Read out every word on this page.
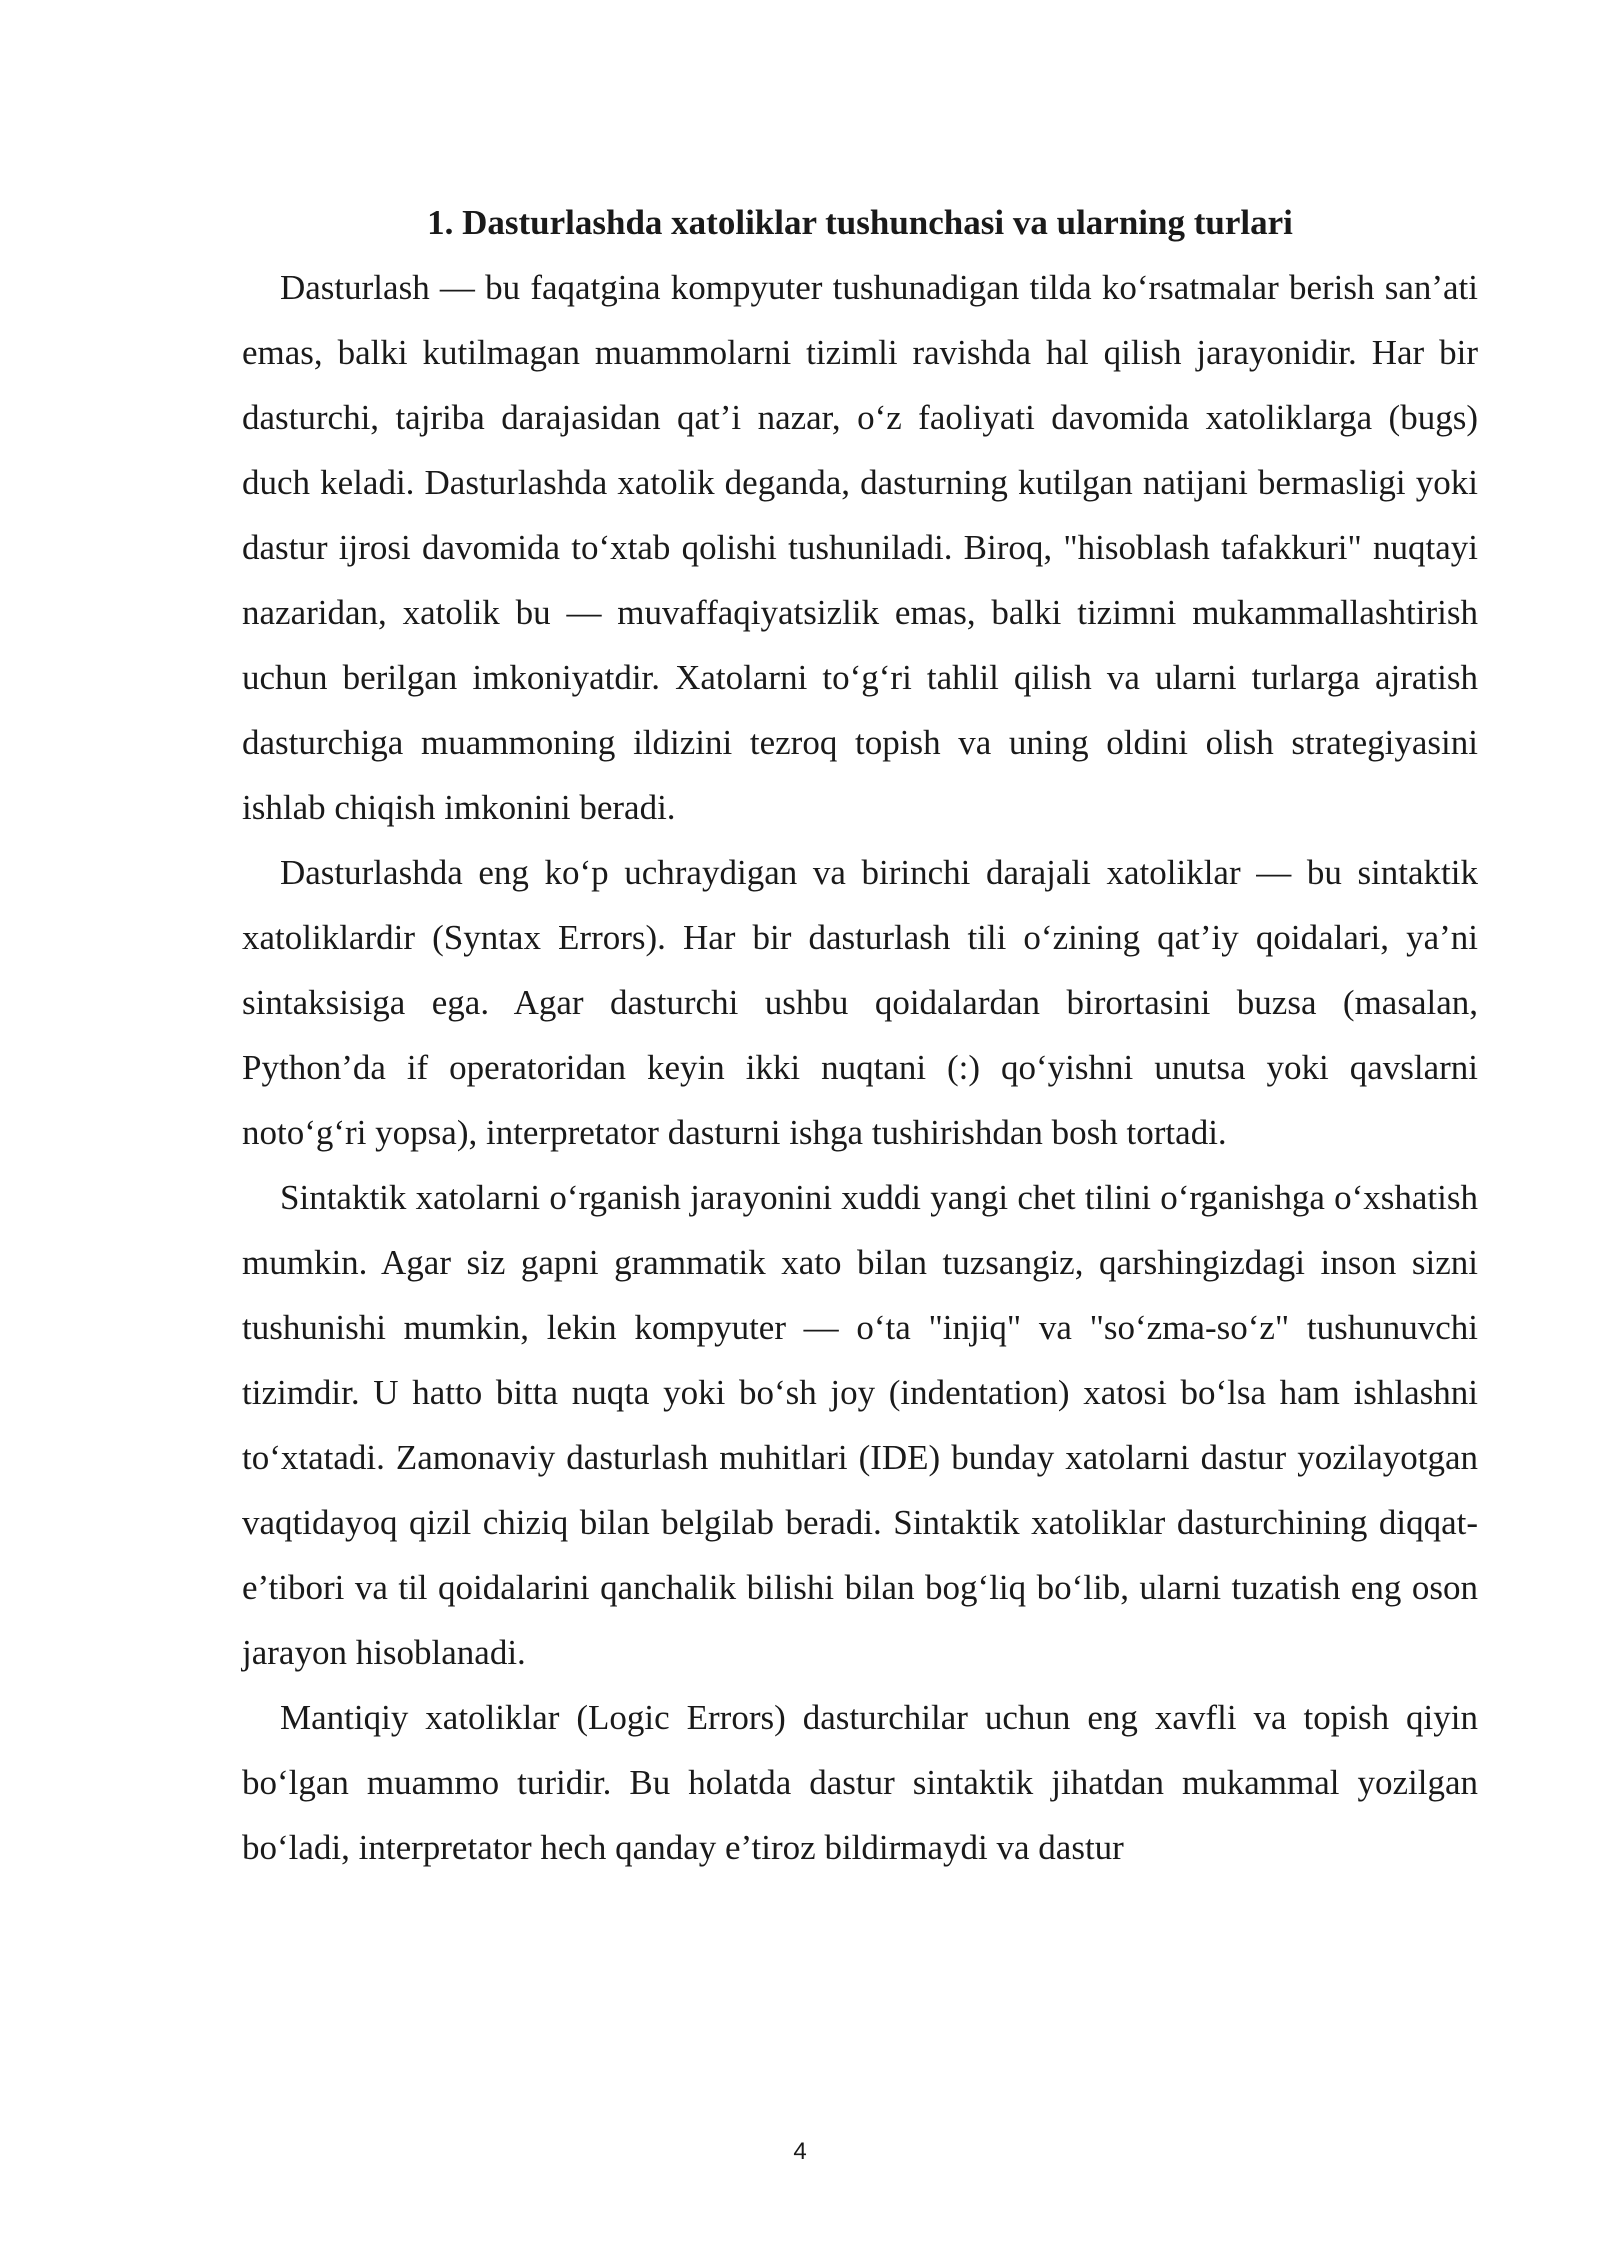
1. Dasturlashda xatoliklar tushunchasi va ularning turlari

Dasturlash — bu faqatgina kompyuter tushunadigan tilda ko‘rsatmalar berish san’ati emas, balki kutilmagan muammolarni tizimli ravishda hal qilish jarayonidir. Har bir dasturchi, tajriba darajasidan qat’i nazar, o‘z faoliyati davomida xatoliklarga (bugs) duch keladi. Dasturlashda xatolik deganda, dasturning kutilgan natijani bermasligi yoki dastur ijrosi davomida to‘xtab qolishi tushuniladi. Biroq, "hisoblash tafakkuri" nuqtayi nazaridan, xatolik bu — muvaffaqiyatsizlik emas, balki tizimni mukammallashtirish uchun berilgan imkoniyatdir. Xatolarni to‘g‘ri tahlil qilish va ularni turlarga ajratish dasturchiga muammoning ildizini tezroq topish va uning oldini olish strategiyasini ishlab chiqish imkonini beradi.

Dasturlashda eng ko‘p uchraydigan va birinchi darajali xatoliklar — bu sintaktik xatoliklardir (Syntax Errors). Har bir dasturlash tili o‘zining qat’iy qoidalari, ya’ni sintaksisiga ega. Agar dasturchi ushbu qoidalardan birortasini buzsa (masalan, Python’da if operatoridan keyin ikki nuqtani (:) qo‘yishni unutsa yoki qavslarni noto‘g‘ri yopsa), interpretator dasturni ishga tushirishdan bosh tortadi.

Sintaktik xatolarni o‘rganish jarayonini xuddi yangi chet tilini o‘rganishga o‘xshatish mumkin. Agar siz gapni grammatik xato bilan tuzsangiz, qarshingizdagi inson sizni tushunishi mumkin, lekin kompyuter — o‘ta "injiq" va "so‘zma-so‘z" tushunuvchi tizimdir. U hatto bitta nuqta yoki bo‘sh joy (indentation) xatosi bo‘lsa ham ishlashni to‘xtatadi. Zamonaviy dasturlash muhitlari (IDE) bunday xatolarni dastur yozilayotgan vaqtidayoq qizil chiziq bilan belgilab beradi. Sintaktik xatoliklar dasturchining diqqat-e’tibori va til qoidalarini qanchalik bilishi bilan bog‘liq bo‘lib, ularni tuzatish eng oson jarayon hisoblanadi.

Mantiqiy xatoliklar (Logic Errors) dasturchilar uchun eng xavfli va topish qiyin bo‘lgan muammo turidir. Bu holatda dastur sintaktik jihatdan mukammal yozilgan bo‘ladi, interpretator hech qanday e’tiroz bildirmaydi va dastur

4
